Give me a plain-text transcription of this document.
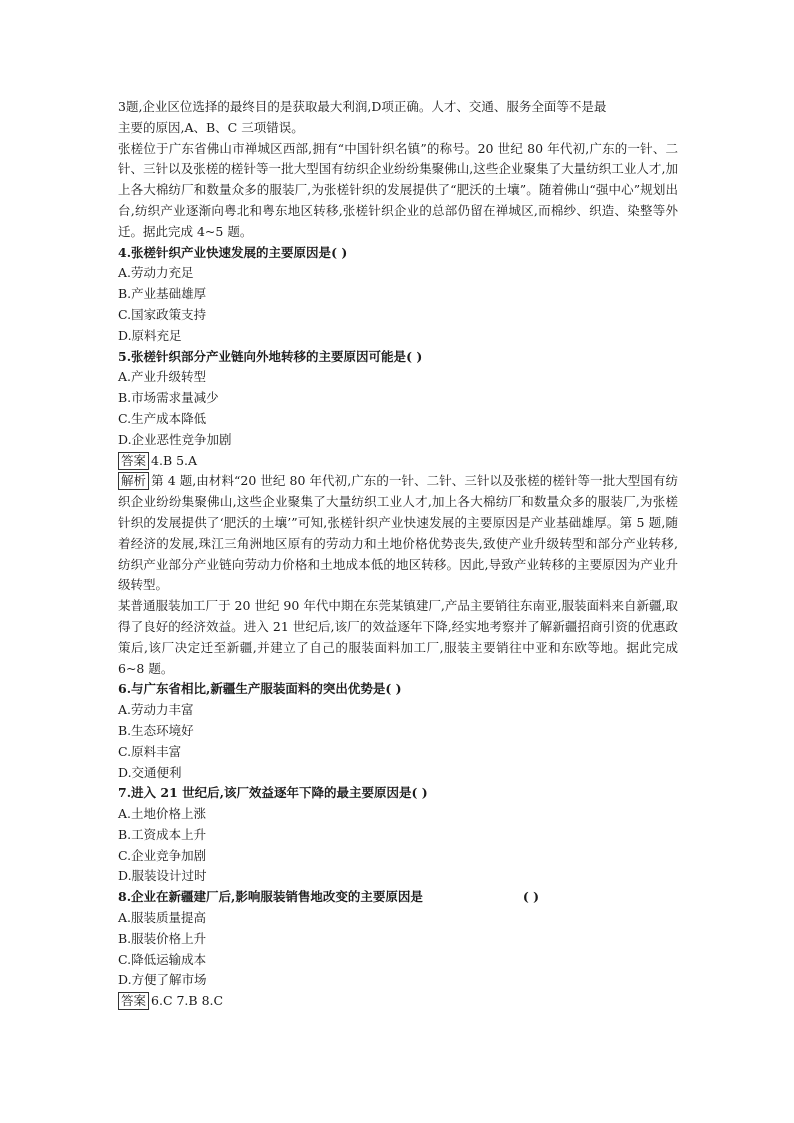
3题,企业区位选择的最终目的是获取最大利润,D项正确。人才、交通、服务全面等不是最
主要的原因,A、B、C 三项错误。

张槎位于广东省佛山市禅城区西部,拥有“中国针织名镇”的称号。20 世纪 80 年代初,广东的一针、二针、三针以及张槎的槎针等一批大型国有纺织企业纷纷集聚佛山,这些企业聚集了大量纺织工业人才,加上各大棉纺厂和数量众多的服装厂,为张槎针织的发展提供了“肥沃的土壤”。随着佛山“强中心”规划出台,纺织产业逐渐向粤北和粤东地区转移,张槎针织企业的总部仍留在禅城区,而棉纱、织造、染整等外迁。据此完成 4~5 题。

4.张槎针织产业快速发展的主要原因是( )

A.劳动力充足

B.产业基础雄厚

C.国家政策支持

D.原料充足

5.张槎针织部分产业链向外地转移的主要原因可能是( )

A.产业升级转型

B.市场需求量减少

C.生产成本降低

D.企业恶性竞争加剧

答案 4.B 5.A

解析 第 4 题,由材料“20 世纪 80 年代初,广东的一针、二针、三针以及张槎的槎针等一批大型国有纺织企业纷纷集聚佛山,这些企业聚集了大量纺织工业人才,加上各大棉纺厂和数量众多的服装厂,为张槎针织的发展提供了‘肥沃的土壤’”可知,张槎针织产业快速发展的主要原因是产业基础雄厚。第 5 题,随着经济的发展,珠江三角洲地区原有的劳动力和土地价格优势丧失,致使产业升级转型和部分产业转移,纺织产业部分产业链向劳动力价格和土地成本低的地区转移。因此,导致产业转移的主要原因为产业升级转型。

某普通服装加工厂于 20 世纪 90 年代中期在东莞某镇建厂,产品主要销往东南亚,服装面料来自新疆,取得了良好的经济效益。进入 21 世纪后,该厂的效益逐年下降,经实地考察并了解新疆招商引资的优惠政策后,该厂决定迁至新疆,并建立了自己的服装面料加工厂,服装主要销往中亚和东欧等地。据此完成 6~8 题。

6.与广东省相比,新疆生产服装面料的突出优势是( )

A.劳动力丰富

B.生态环境好

C.原料丰富

D.交通便利

7.进入 21 世纪后,该厂效益逐年下降的最主要原因是( )

A.土地价格上涨

B.工资成本上升

C.企业竞争加剧

D.服装设计过时

8.企业在新疆建厂后,影响服装销售地改变的主要原因是	( )

A.服装质量提高

B.服装价格上升

C.降低运输成本

D.方便了解市场

答案 6.C 7.B 8.C
